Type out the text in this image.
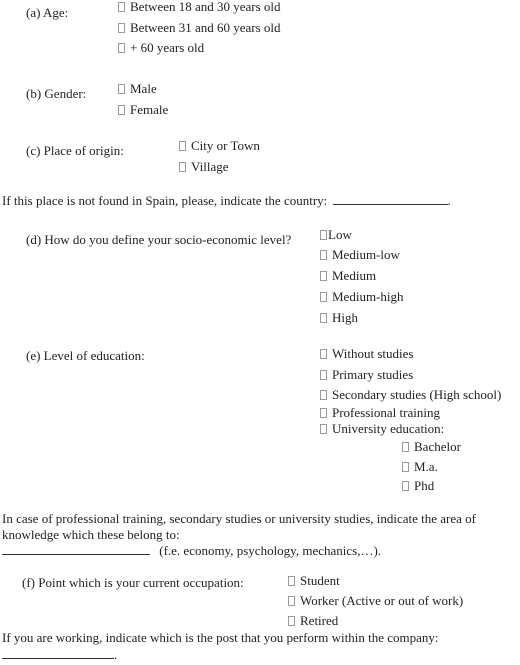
(a) Age:	Between 18 and 30 years old
Between 31 and 60 years old
+ 60 years old
(b) Gender:	Male
Female
(c) Place of origin:	City or Town
Village
If this place is not found in Spain, please, indicate the country:	.
(d) How do you define your socio-economic level?	Low
Medium-low
Medium
Medium-high
High
(e) Level of education:	Without studies
Primary studies
Secondary studies (High school)
Professional training
University education:
Bachelor
M.a.
Phd
In case of professional training, secondary studies or university studies, indicate the area of
knowledge which these belong to:
(f.e. economy, psychology, mechanics,…).
(f) Point which is your current occupation:	Student
Worker (Active or out of work)
Retired
If you are working, indicate which is the post that you perform within the company:
.
